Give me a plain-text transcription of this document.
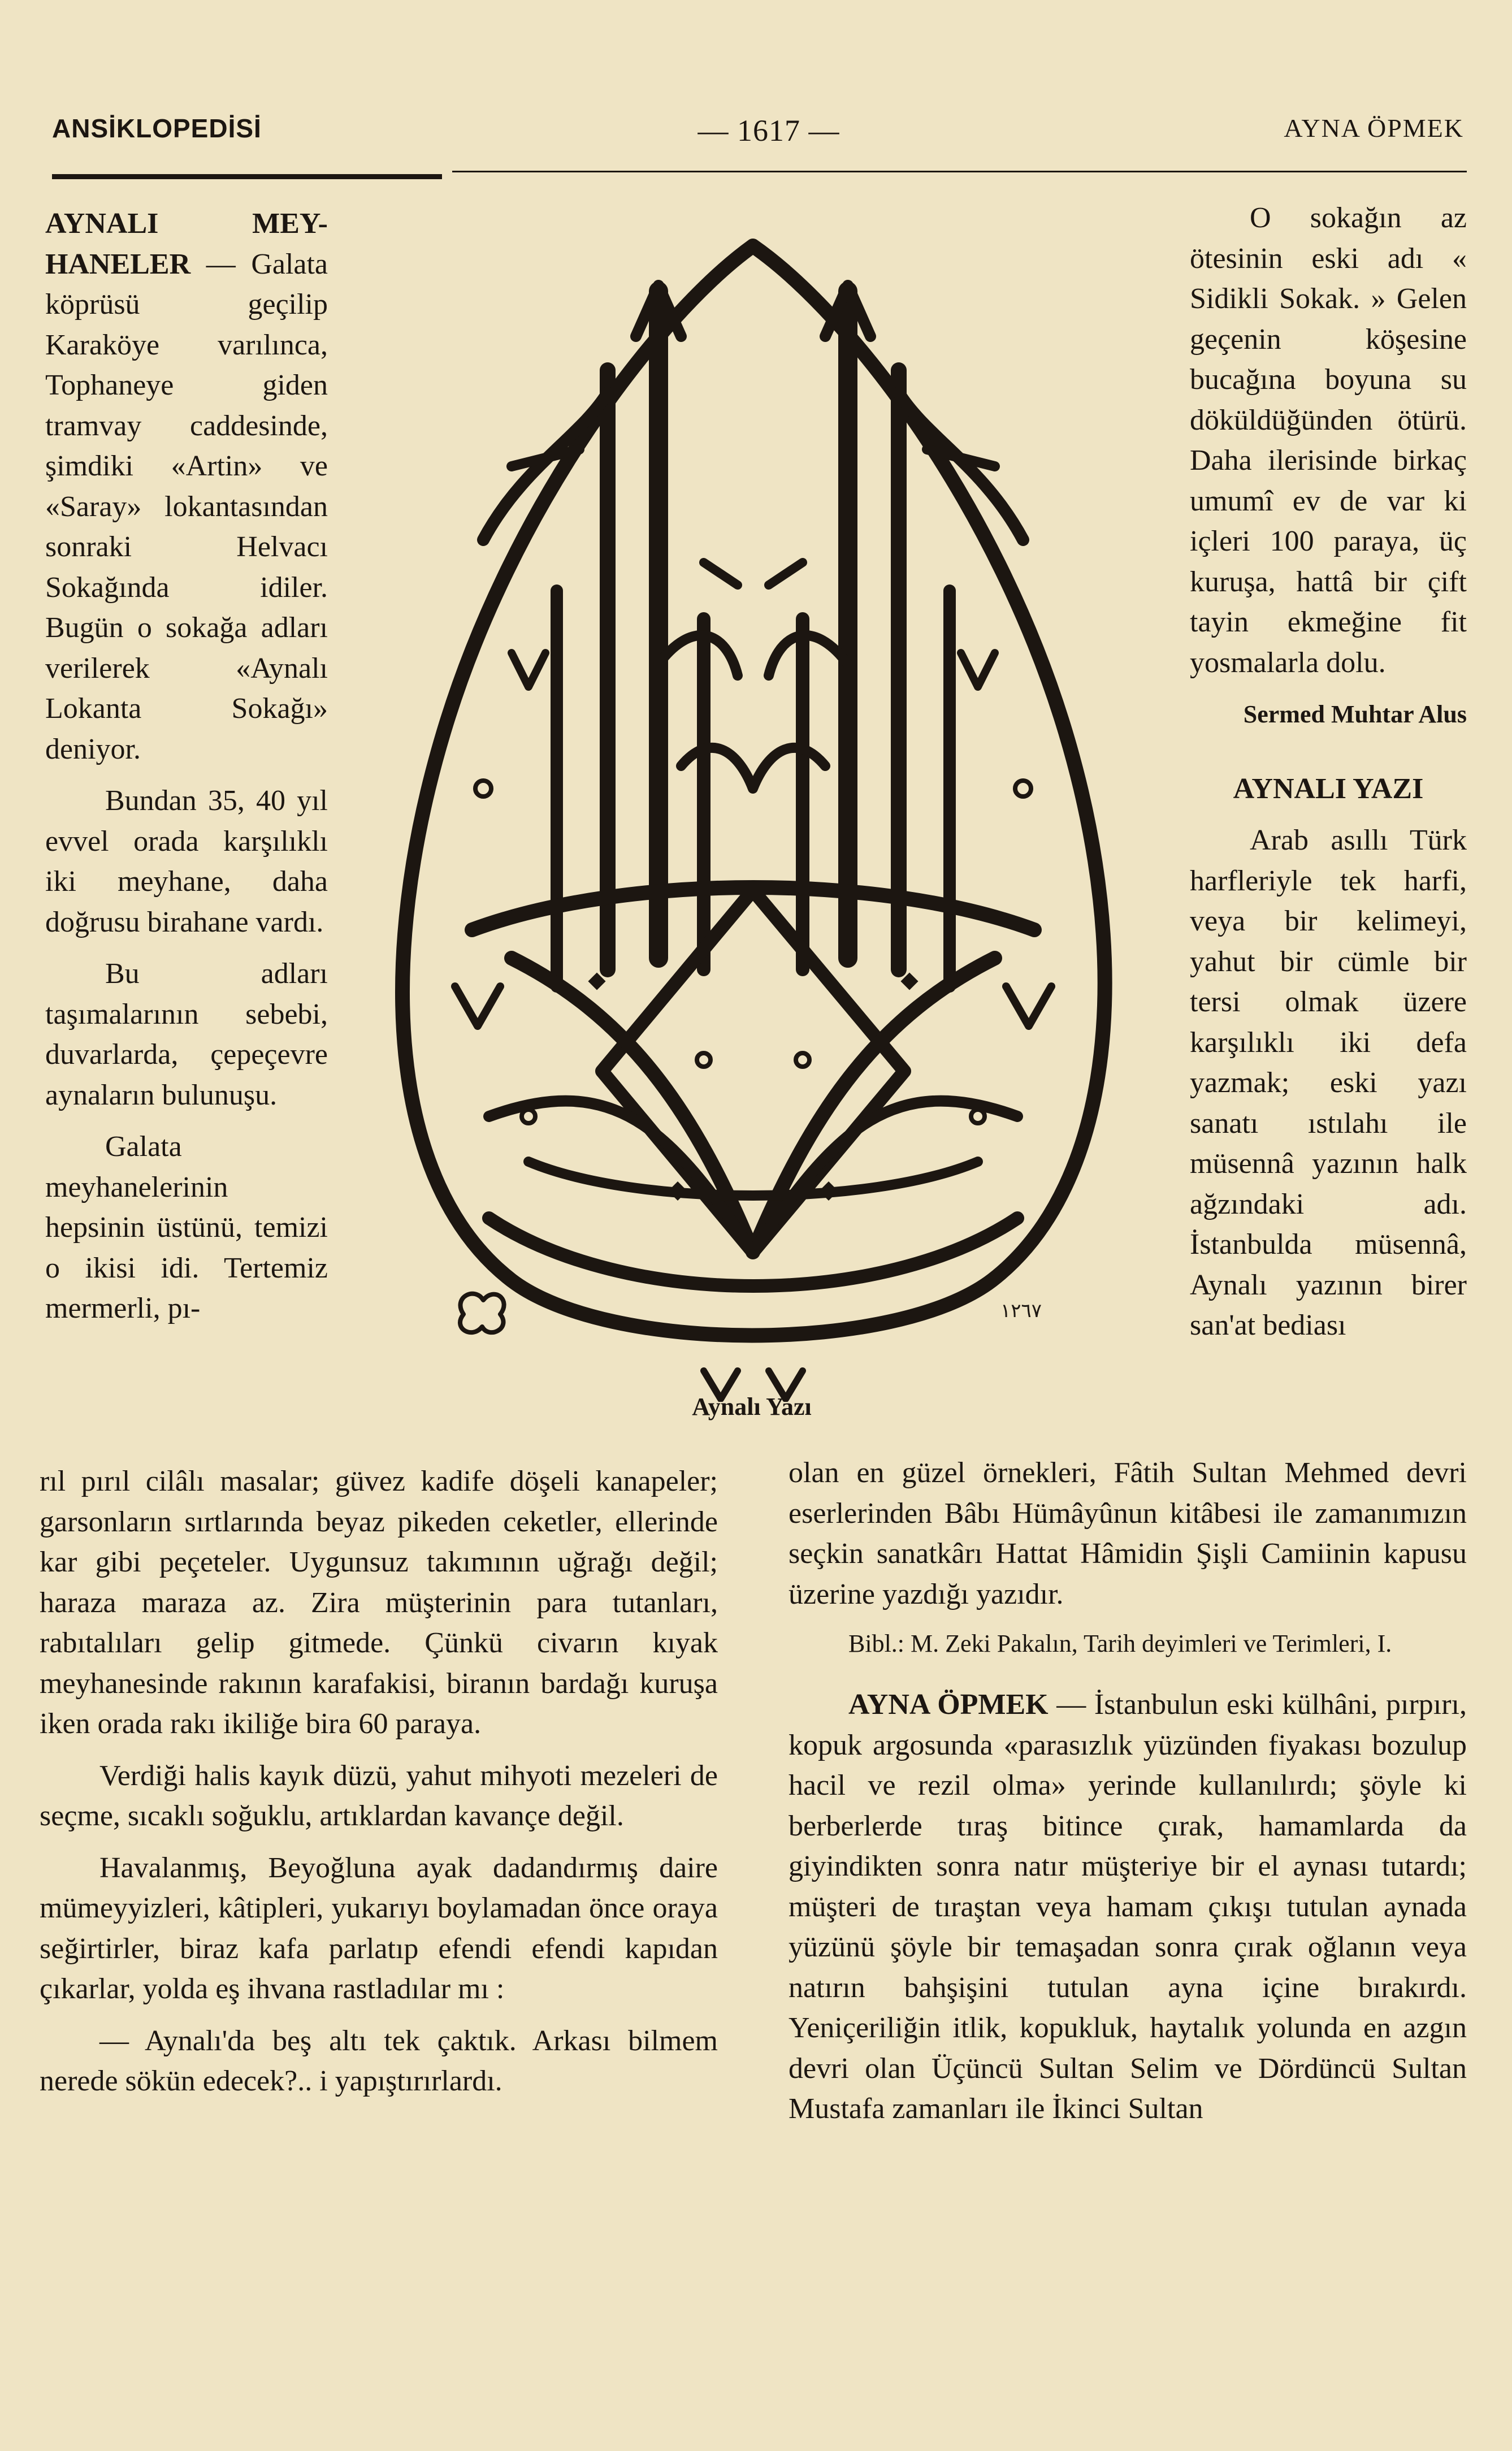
ANSİKLOPEDİSİ	— 1617 —	AYNA ÖPMEK

AYNALI MEY-HANELER — Galata köprüsü geçilip Karaköye varılınca, Tophaneye giden tramvay caddesinde, şimdiki «Artin» ve «Saray» lokantasından sonraki Helvacı Sokağında idiler. Bugün o sokağa adları verilerek «Aynalı Lokanta Sokağı» deniyor.

Bundan 35, 40 yıl evvel orada karşılıklı iki meyhane, daha doğrusu birahane vardı.

Bu adları taşımalarının sebebi, duvarlarda, çepeçevre aynaların bulunuşu.

Galata meyhanelerinin hepsinin üstünü, temizi o ikisi idi. Tertemiz mermerli, pı-

rıl pırıl cilâlı masalar; güvez kadife döşeli kanapeler; garsonların sırtlarında beyaz pikeden ceketler, ellerinde kar gibi peçeteler. Uygunsuz takımının uğrağı değil; haraza maraza az. Zira müşterinin para tutanları, rabıtalıları gelip gitmede. Çünkü civarın kıyak meyhanesinde rakının karafakisi, biranın bardağı kuruşa iken orada rakı ikiliğe bira 60 paraya.

Verdiği halis kayık düzü, yahut mihyoti mezeleri de seçme, sıcaklı soğuklu, artıklardan kavançe değil.

Havalanmış, Beyoğluna ayak dadandırmış daire mümeyyizleri, kâtipleri, yukarıyı boylamadan önce oraya seğirtirler, biraz kafa parlatıp efendi efendi kapıdan çıkarlar, yolda eş ihvana rastladılar mı :

— Aynalı'da beş altı tek çaktık. Arkası bilmem nerede sökün edecek?.. i yapıştırırlardı.

O sokağın az ötesinin eski adı « Sidikli Sokak. » Gelen geçenin köşesine bucağına boyuna su döküldüğünden ötürü. Daha ilerisinde birkaç umumî ev de var ki içleri 100 paraya, üç kuruşa, hattâ bir çift tayin ekmeğine fit yosmalarla dolu.

Sermed Muhtar Alus

AYNALI YAZI

Arab asıllı Türk harfleriyle tek harfi, veya bir kelimeyi, yahut bir cümle bir tersi olmak üzere karşılıklı iki defa yazmak; eski yazı sanatı ıstılahı ile müsennâ yazının halk ağzındaki adı. İstanbulda müsennâ, Aynalı yazının birer san'at bediası

olan en güzel örnekleri, Fâtih Sultan Mehmed devri eserlerinden Bâbı Hümâyûnun kitâbesi ile zamanımızın seçkin sanatkârı Hattat Hâmidin Şişli Camiinin kapusu üzerine yazdığı yazıdır.

Bibl.: M. Zeki Pakalın, Tarih deyimleri ve Terimleri, I.

AYNA ÖPMEK — İstanbulun eski külhâni, pırpırı, kopuk argosunda «parasızlık yüzünden fiyakası bozulup hacil ve rezil olma» yerinde kullanılırdı; şöyle ki berberlerde tıraş bitince çırak, hamamlarda da giyindikten sonra natır müşteriye bir el aynası tutardı; müşteri de tıraştan veya hamam çıkışı tutulan aynada yüzünü şöyle bir temaşadan sonra çırak oğlanın veya natırın bahşişini tutulan ayna içine bırakırdı. Yeniçeriliğin itlik, kopukluk, haytalık yolunda en azgın devri olan Üçüncü Sultan Selim ve Dördüncü Sultan Mustafa zamanları ile İkinci Sultan

١٢٦٧
Aynalı Yazı
